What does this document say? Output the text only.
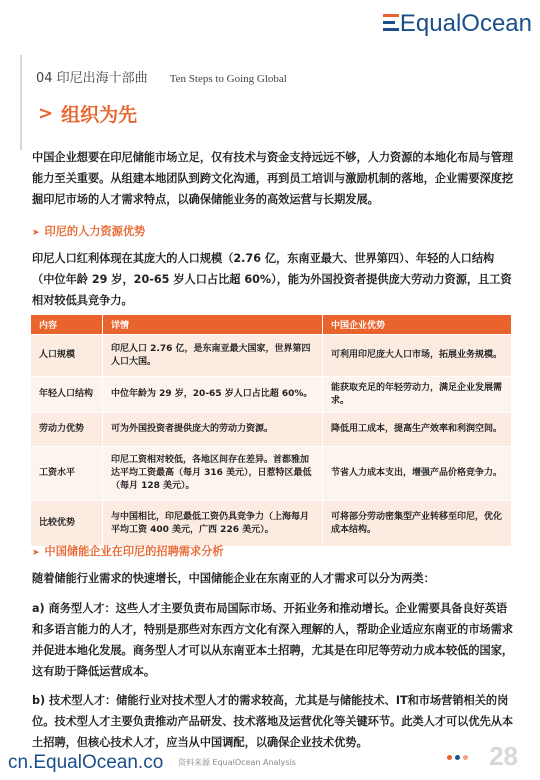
EqualOcean
04 印尼出海十部曲 Ten Steps to Going Global
> 组织为先

中国企业想要在印尼储能市场立足，仅有技术与资金支持远远不够，人力资源的本地化布局与管理能力至关重要。从组建本地团队到跨文化沟通，再到员工培训与激励机制的落地，企业需要深度挖掘印尼市场的人才需求特点，以确保储能业务的高效运营与长期发展。

➤ 印尼的人力资源优势

印尼人口红利体现在其庞大的人口规模（2.76 亿，东南亚最大、世界第四）、年轻的人口结构（中位年龄 29 岁，20-65 岁人口占比超 60%），能为外国投资者提供庞大劳动力资源，且工资相对较低具竞争力。

内容	详情	中国企业优势
人口规模	印尼人口 2.76 亿，是东南亚最大国家，世界第四人口大国。	可利用印尼庞大人口市场，拓展业务规模。
年轻人口结构	中位年龄为 29 岁，20-65 岁人口占比超 60%。	能获取充足的年轻劳动力，满足企业发展需求。
劳动力优势	可为外国投资者提供庞大的劳动力资源。	降低用工成本，提高生产效率和利润空间。
工资水平	印尼工资相对较低，各地区间存在差异。首都雅加达平均工资最高（每月 316 美元），日惹特区最低（每月 128 美元）。	节省人力成本支出，增强产品价格竞争力。
比较优势	与中国相比，印尼最低工资仍具竞争力（上海每月平均工资 400 美元，广西 226 美元）。	可将部分劳动密集型产业转移至印尼，优化成本结构。
➤ 中国储能企业在印尼的招聘需求分析

随着储能行业需求的快速增长，中国储能企业在东南亚的人才需求可以分为两类：

a) 商务型人才：这些人才主要负责布局国际市场、开拓业务和推动增长。企业需要具备良好英语和多语言能力的人才，特别是那些对东西方文化有深入理解的人，帮助企业适应东南亚的市场需求并促进本地化发展。商务型人才可以从东南亚本土招聘，尤其是在印尼等劳动力成本较低的国家，这有助于降低运营成本。

b) 技术型人才：储能行业对技术型人才的需求较高，尤其是与储能技术、IT和市场营销相关的岗位。技术型人才主要负责推动产品研发、技术落地及运营优化等关键环节。此类人才可以优先从本土招聘，但核心技术人才，应当从中国调配，以确保企业技术优势。

cn.EqualOcean.co 资料来源 EqualOcean Analysis	28
